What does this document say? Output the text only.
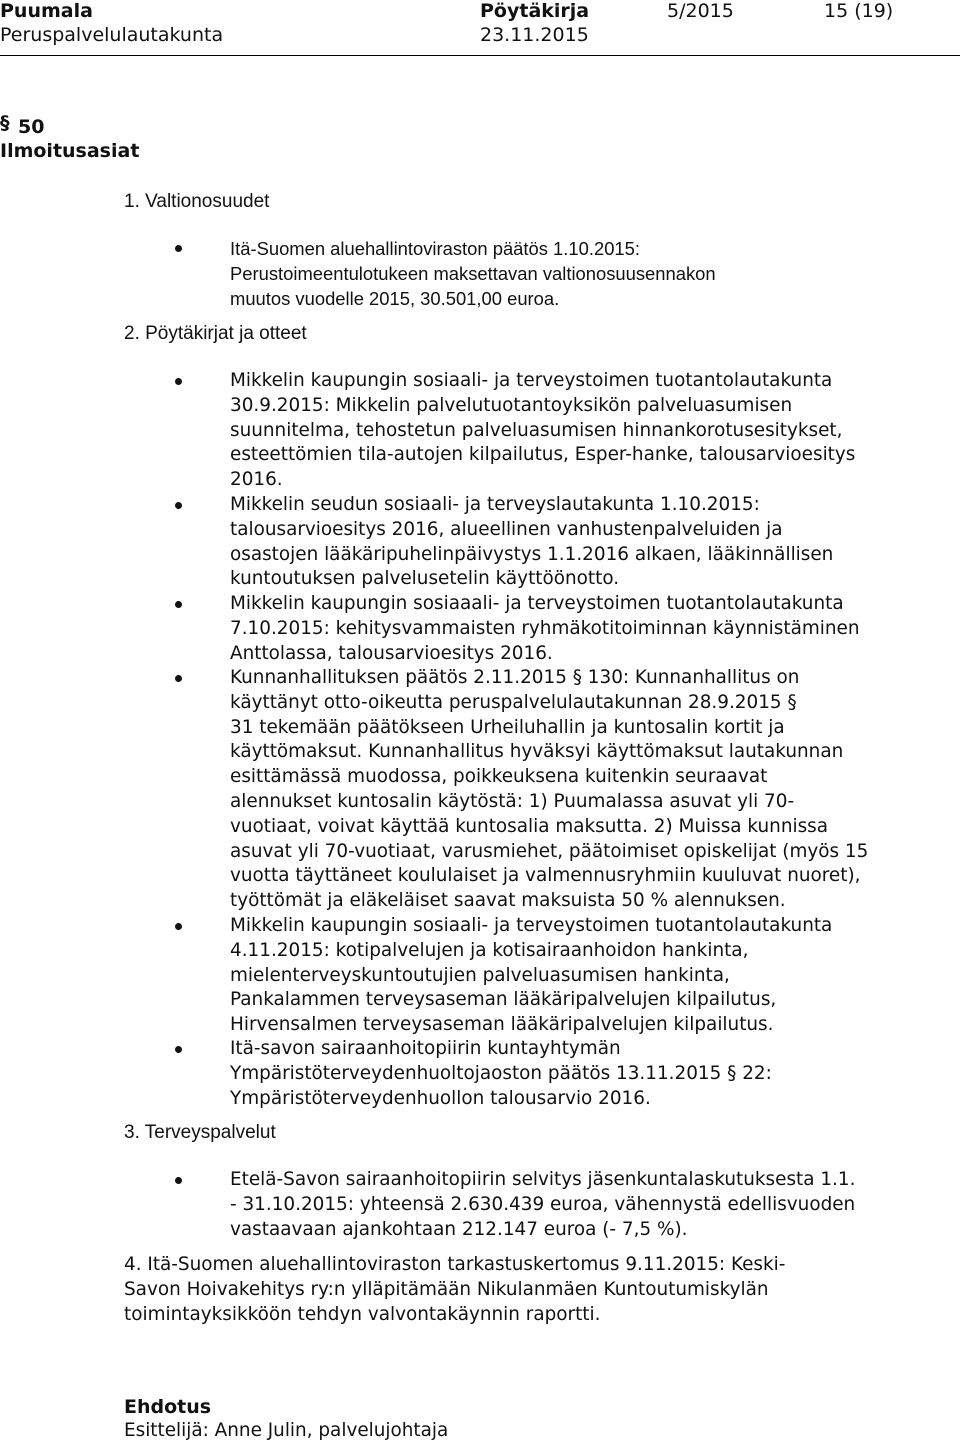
Puumala
Peruspalvelulautakunta
Pöytäkirja
23.11.2015
5/2015	15 (19)
§ 50
Ilmoitusasiat
1. Valtionosuudet
Itä-Suomen aluehallintoviraston päätös 1.10.2015:
Perustoimeentulotukeen maksettavan valtionosuusennakon
muutos vuodelle 2015, 30.501,00 euroa.
2. Pöytäkirjat ja otteet
Mikkelin kaupungin sosiaali- ja terveystoimen tuotantolautakunta
30.9.2015: Mikkelin palvelutuotantoyksikön palveluasumisen
suunnitelma, tehostetun palveluasumisen hinnankorotusesitykset,
esteettömien tila-autojen kilpailutus, Esper-hanke, talousarvioesitys
2016.
Mikkelin seudun sosiaali- ja terveyslautakunta 1.10.2015:
talousarvioesitys 2016, alueellinen vanhustenpalveluiden ja
osastojen lääkäripuhelinpäivystys 1.1.2016 alkaen, lääkinnällisen
kuntoutuksen palvelusetelin käyttöönotto.
Mikkelin kaupungin sosiaaali- ja terveystoimen tuotantolautakunta
7.10.2015: kehitysvammaisten ryhmäkotitoiminnan käynnistäminen
Anttolassa, talousarvioesitys 2016.
Kunnanhallituksen päätös 2.11.2015 § 130: Kunnanhallitus on
käyttänyt otto-oikeutta peruspalvelulautakunnan 28.9.2015 §
31 tekemään päätökseen Urheiluhallin ja kuntosalin kortit ja
käyttömaksut. Kunnanhallitus hyväksyi käyttömaksut lautakunnan
esittämässä muodossa, poikkeuksena kuitenkin seuraavat
alennukset kuntosalin käytöstä: 1) Puumalassa asuvat yli 70-
vuotiaat, voivat käyttää kuntosalia maksutta. 2) Muissa kunnissa
asuvat yli 70-vuotiaat, varusmiehet, päätoimiset opiskelijat (myös 15
vuotta täyttäneet koululaiset ja valmennusryhmiin kuuluvat nuoret),
työttömät ja eläkeläiset saavat maksuista 50 % alennuksen.
Mikkelin kaupungin sosiaali- ja terveystoimen tuotantolautakunta
4.11.2015: kotipalvelujen ja kotisairaanhoidon hankinta,
mielenterveyskuntoutujien palveluasumisen hankinta,
Pankalammen terveysaseman lääkäripalvelujen kilpailutus,
Hirvensalmen terveysaseman lääkäripalvelujen kilpailutus.
Itä-savon sairaanhoitopiirin kuntayhtymän
Ympäristöterveydenhuoltojaoston päätös 13.11.2015 § 22:
Ympäristöterveydenhuollon talousarvio 2016.
3. Terveyspalvelut
Etelä-Savon sairaanhoitopiirin selvitys jäsenkuntalaskutuksesta 1.1.
- 31.10.2015: yhteensä 2.630.439 euroa, vähennystä edellisvuoden
vastaavaan ajankohtaan 212.147 euroa (- 7,5 %).
4. Itä-Suomen aluehallintoviraston tarkastuskertomus 9.11.2015: Keski-
Savon Hoivakehitys ry:n ylläpitämään Nikulanmäen Kuntoutumiskylän
toimintayksikköön tehdyn valvontakäynnin raportti.
Ehdotus
Esittelijä: Anne Julin, palvelujohtaja
